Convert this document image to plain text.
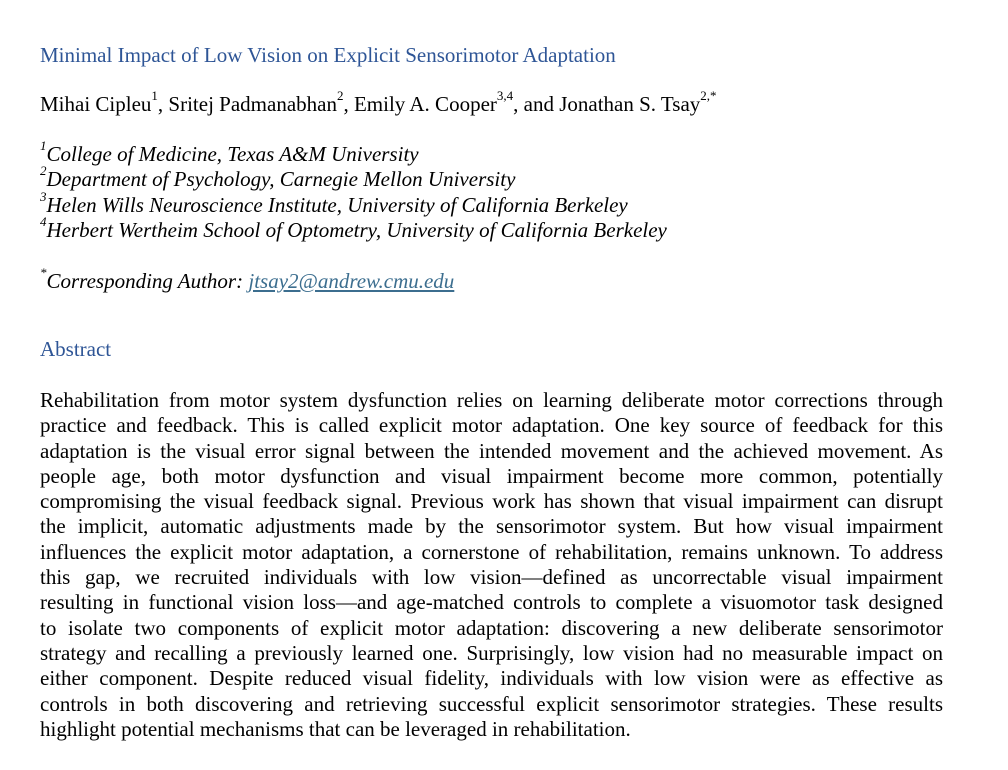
Minimal Impact of Low Vision on Explicit Sensorimotor Adaptation
Mihai Cipleu$^1$, Sritej Padmanabhan$^2$, Emily A. Cooper$^{3,4}$, and Jonathan S. Tsay$^{2,*}$
$^1$College of Medicine, Texas A&M University
$^2$Department of Psychology, Carnegie Mellon University
$^3$Helen Wills Neuroscience Institute, University of California Berkeley
$^4$Herbert Wertheim School of Optometry, University of California Berkeley
*Corresponding Author: jtsay2@andrew.cmu.edu
Abstract
Rehabilitation from motor system dysfunction relies on learning deliberate motor corrections through
practice and feedback. This is called explicit motor adaptation. One key source of feedback for this
adaptation is the visual error signal between the intended movement and the achieved movement. As
people age, both motor dysfunction and visual impairment become more common, potentially
compromising the visual feedback signal. Previous work has shown that visual impairment can disrupt
the implicit, automatic adjustments made by the sensorimotor system. But how visual impairment
influences the explicit motor adaptation, a cornerstone of rehabilitation, remains unknown. To address
this gap, we recruited individuals with low vision—defined as uncorrectable visual impairment
resulting in functional vision loss—and age-matched controls to complete a visuomotor task designed
to isolate two components of explicit motor adaptation: discovering a new deliberate sensorimotor
strategy and recalling a previously learned one. Surprisingly, low vision had no measurable impact on
either component. Despite reduced visual fidelity, individuals with low vision were as effective as
controls in both discovering and retrieving successful explicit sensorimotor strategies. These results
highlight potential mechanisms that can be leveraged in rehabilitation.
